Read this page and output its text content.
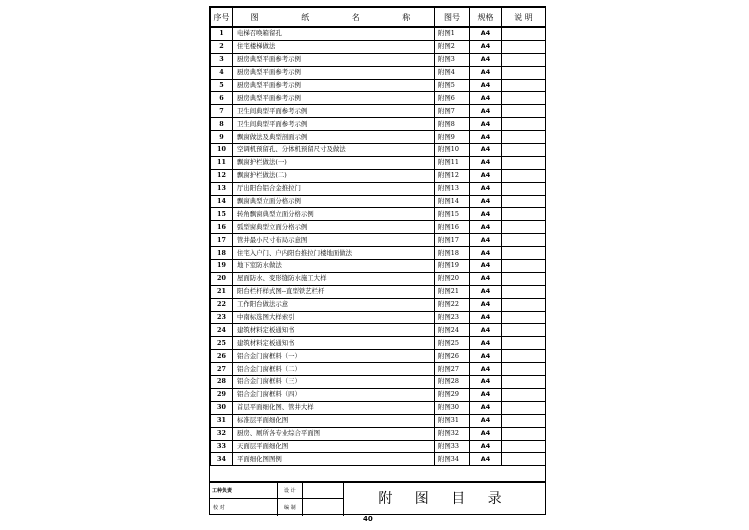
序号	图 纸 名 称	图号	规格	说 明
1	电梯召唤箱留孔	附图1	A4	
2	住宅楼梯做法	附图2	A4	
3	厨房典型平面参考示例	附图3	A4	
4	厨房典型平面参考示例	附图4	A4	
5	厨房典型平面参考示例	附图5	A4	
6	厨房典型平面参考示例	附图6	A4	
7	卫生间典型平面参考示例	附图7	A4	
8	卫生间典型平面参考示例	附图8	A4	
9	飘窗做法及典型剖面示例	附图9	A4	
10	空调机预留孔、分体机预留尺寸及做法	附图10	A4	
11	飘窗护栏做法(一)	附图11	A4	
12	飘窗护栏做法(二)	附图12	A4	
13	厅出阳台铝合金推拉门	附图13	A4	
14	飘窗典型立面分格示例	附图14	A4	
15	转角飘窗典型立面分格示例	附图15	A4	
16	弧型窗典型立面分格示例	附图16	A4	
17	管井最小尺寸布局示意图	附图17	A4	
18	住宅入户门、户内阳台推拉门楼地面做法	附图18	A4	
19	地下室防水做法	附图19	A4	
20	屋面防水、变形缝防水施工大样	附图20	A4	
21	阳台栏杆样式图--直型铁艺栏杆	附图21	A4	
22	工作阳台做法示意	附图22	A4	
23	中南标选图大样索引	附图23	A4	
24	建筑材料定板通知书	附图24	A4	
25	建筑材料定板通知书	附图25	A4	
26	铝合金门窗框料（一）	附图26	A4	
27	铝合金门窗框料（二）	附图27	A4	
28	铝合金门窗框料（三）	附图28	A4	
29	铝合金门窗框料（四）	附图29	A4	
30	首层平面细化图、管井大样	附图30	A4	
31	标准层平面细化图	附图31	A4	
32	厨房、厕所各专业综合平面图	附图32	A4	
33	天面层平面细化图	附图33	A4	
34	平面细化图图例	附图34	A4	
工种负责
校 对
设 计
编 制
附 图 目 录
40
